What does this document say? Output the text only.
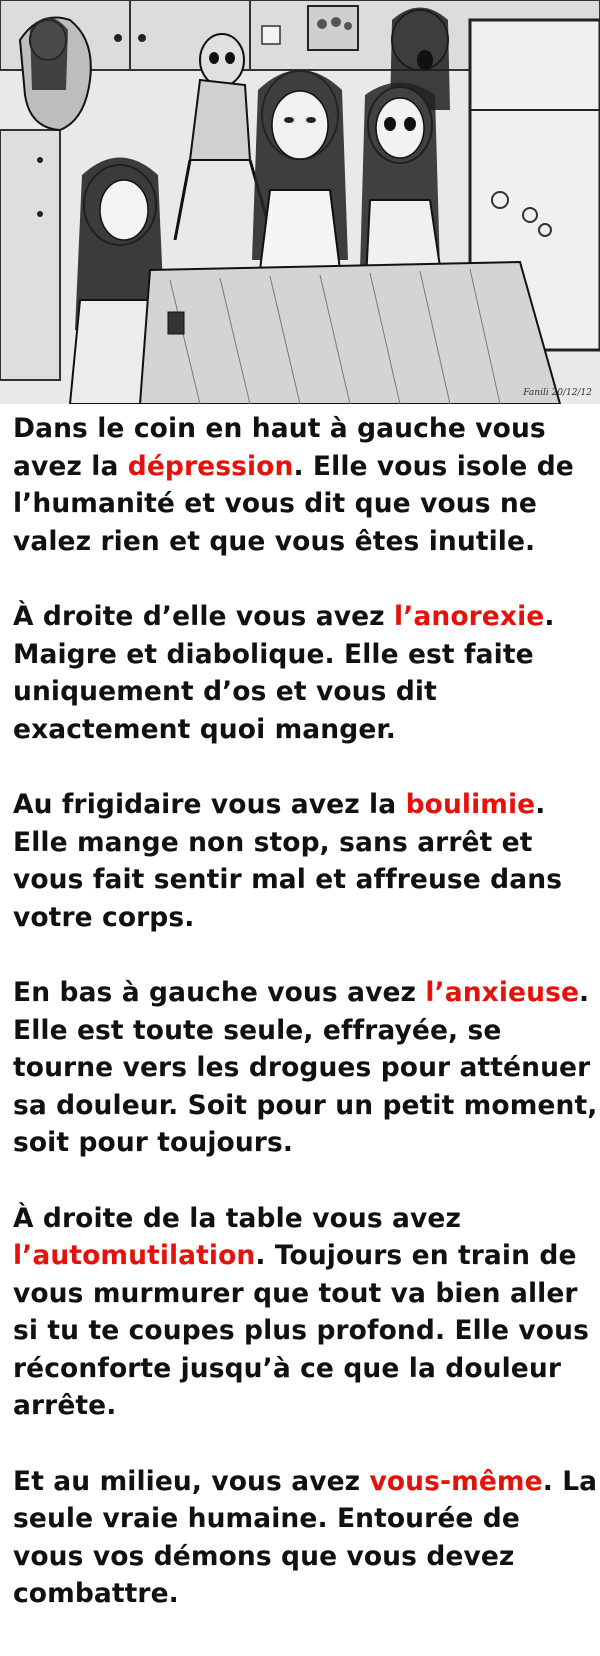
Fanili 20/12/12

Dans le coin en haut à gauche vous avez la dépression. Elle vous isole de l’humanité et vous dit que vous ne valez rien et que vous êtes inutile.

À droite d’elle vous avez l’anorexie. Maigre et diabolique. Elle est faite uniquement d’os et vous dit exactement quoi manger.

Au frigidaire vous avez la boulimie. Elle mange non stop, sans arrêt et vous fait sentir mal et affreuse dans votre corps.

En bas à gauche vous avez l’anxieuse. Elle est toute seule, effrayée, se tourne vers les drogues pour atténuer sa douleur. Soit pour un petit moment, soit pour toujours.

À droite de la table vous avez l’automutilation. Toujours en train de vous murmurer que tout va bien aller si tu te coupes plus profond. Elle vous réconforte jusqu’à ce que la douleur arrête.

Et au milieu, vous avez vous-même. La seule vraie humaine. Entourée de vous vos démons que vous devez combattre.
